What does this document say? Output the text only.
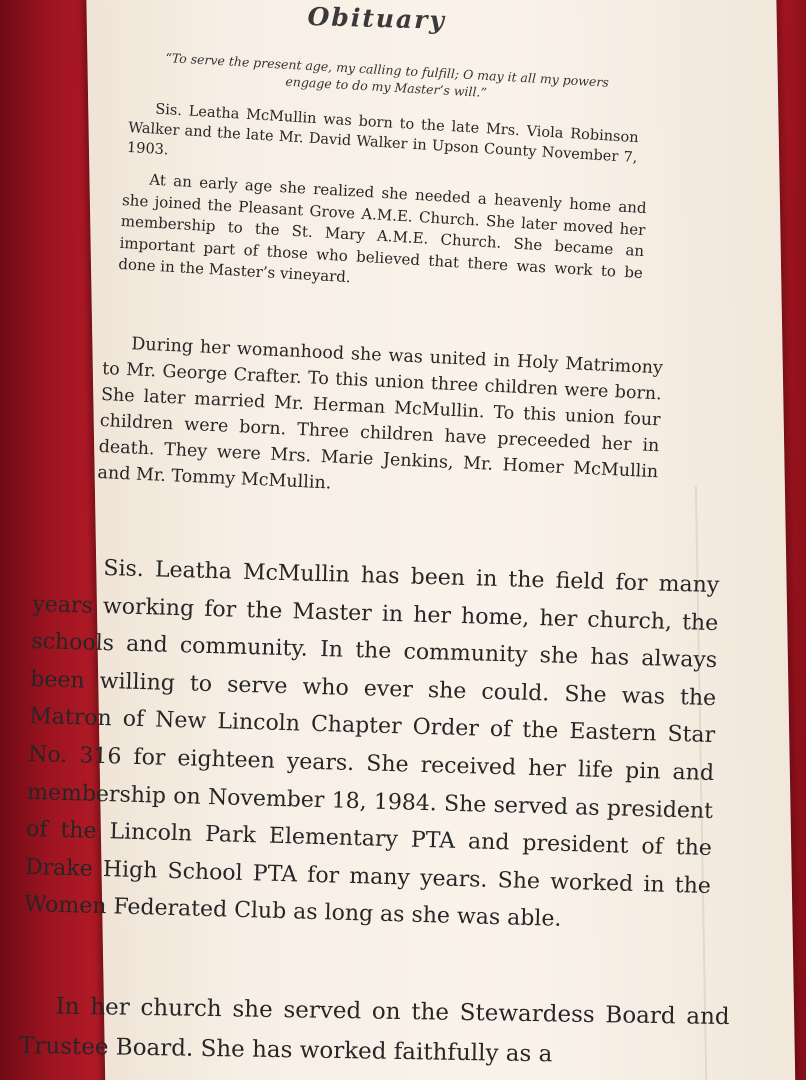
Obituary
“To serve the present age, my calling to fulfill; O may it all my powers engage to do my Master’s will.”
Sis. Leatha McMullin was born to the late Mrs. Viola Robinson Walker and the late Mr. David Walker in Upson County November 7, 1903.
At an early age she realized she needed a heavenly home and she joined the Pleasant Grove A.M.E. Church. She later moved her membership to the St. Mary A.M.E. Church. She became an important part of those who believed that there was work to be done in the Master’s vineyard.
During her womanhood she was united in Holy Matrimony to Mr. George Crafter. To this union three children were born. She later married Mr. Herman McMullin. To this union four children were born. Three children have preceeded her in death. They were Mrs. Marie Jenkins, Mr. Homer McMullin and Mr. Tommy McMullin.
Sis. Leatha McMullin has been in the field for many years working for the Master in her home, her church, the schools and community. In the community she has always been willing to serve who ever she could. She was the Matron of New Lincoln Chapter Order of the Eastern Star No. 316 for eighteen years. She received her life pin and membership on November 18, 1984. She served as president of the Lincoln Park Elementary PTA and president of the Drake High School PTA for many years. She worked in the Women Federated Club as long as she was able.
In her church she served on the Stewardess Board and Trustee Board. She has worked faithfully as a
